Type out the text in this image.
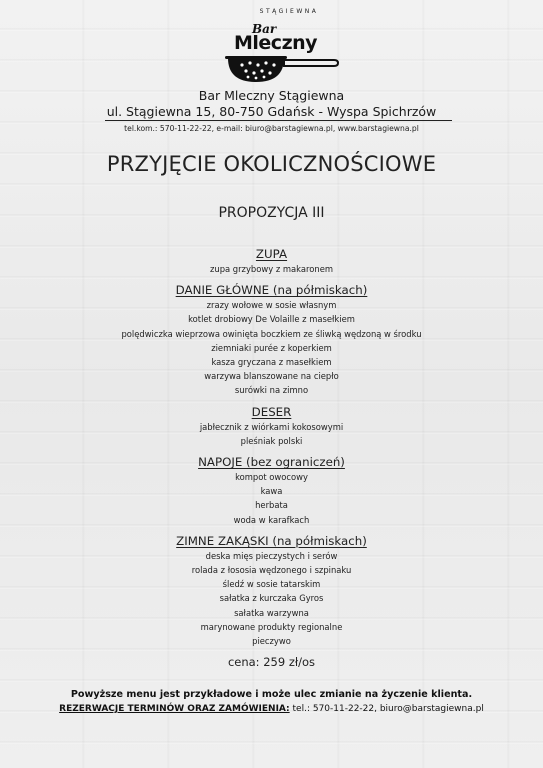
STĄGIEWNA
Bar
Mleczny
Bar Mleczny Stągiewna
ul. Stągiewna 15, 80-750 Gdańsk - Wyspa Spichrzów
tel.kom.: 570-11-22-22, e-mail: biuro@barstagiewna.pl, www.barstagiewna.pl
PRZYJĘCIE OKOLICZNOŚCIOWE
PROPOZYCJA III
ZUPA
zupa grzybowy z makaronem
DANIE GŁÓWNE (na półmiskach)
zrazy wołowe w sosie własnym
kotlet drobiowy De Volaille z masełkiem
polędwiczka wieprzowa owinięta boczkiem ze śliwką wędzoną w środku
ziemniaki purée z koperkiem
kasza gryczana z masełkiem
warzywa blanszowane na ciepło
surówki na zimno
DESER
jabłecznik z wiórkami kokosowymi
pleśniak polski
NAPOJE (bez ograniczeń)
kompot owocowy
kawa
herbata
woda w karafkach
ZIMNE ZAKĄSKI (na półmiskach)
deska mięs pieczystych i serów
rolada z łososia wędzonego i szpinaku
śledź w sosie tatarskim
sałatka z kurczaka Gyros
sałatka warzywna
marynowane produkty regionalne
pieczywo
cena: 259 zł/os
Powyższe menu jest przykładowe i może ulec zmianie na życzenie klienta.
REZERWACJE TERMINÓW ORAZ ZAMÓWIENIA: tel.: 570-11-22-22, biuro@barstagiewna.pl
